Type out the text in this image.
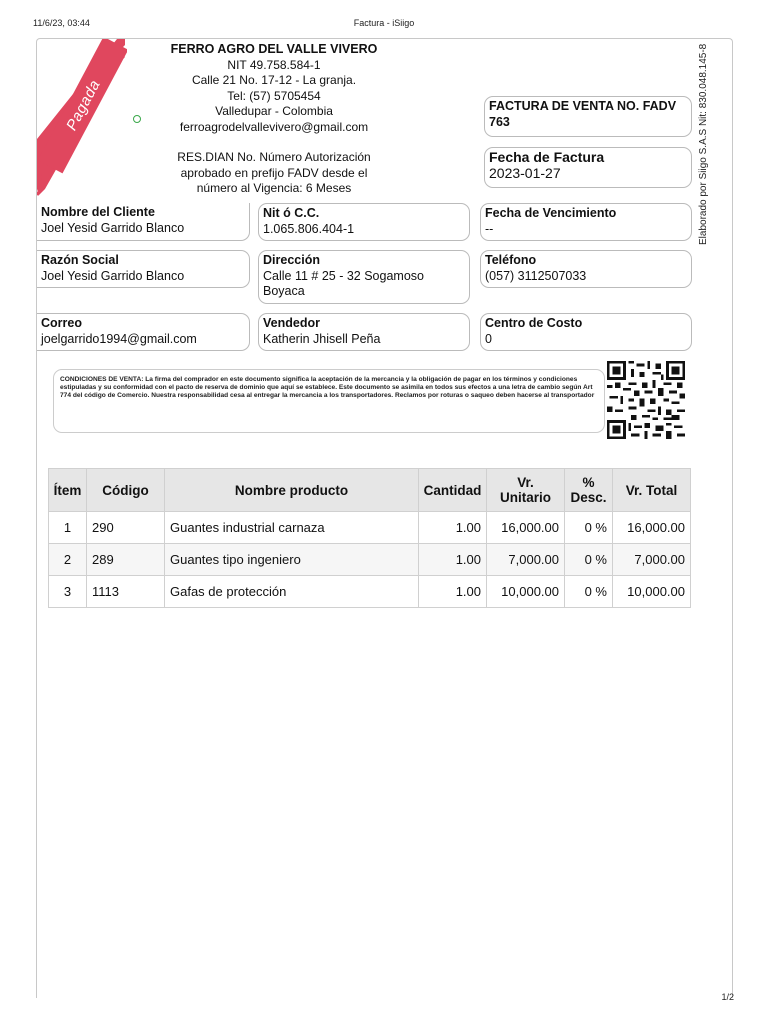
11/6/23, 03:44	Factura - iSiigo
Pagada
FERRO AGRO DEL VALLE VIVERO
NIT 49.758.584-1
Calle 21 No. 17-12 - La granja.
Tel: (57) 5705454
Valledupar - Colombia
ferroagrodelvallevivero@gmail.com
RES.DIAN No. Número Autorización
aprobado en prefijo FADV desde el
número al Vigencia: 6 Meses
FACTURA DE VENTA NO. FADV 763
Fecha de Factura
2023-01-27	Elaborado por Siigo S.A.S Nit: 830.048.145-8
Nombre del Cliente
Joel Yesid Garrido Blanco
Nit ó C.C.
1.065.806.404-1
Fecha de Vencimiento
--
Razón Social
Joel Yesid Garrido Blanco
Dirección
Calle 11 # 25 - 32 Sogamoso Boyaca
Teléfono
(057) 3112507033
Correo
joelgarrido1994@gmail.com
Vendedor
Katherin Jhisell Peña
Centro de Costo
0
CONDICIONES DE VENTA: La firma del comprador en este documento significa la aceptación de la mercancia y la obligación de pagar en los términos y condiciones estipuladas y su conformidad con el pacto de reserva de dominio que aquí se establece. Este documento se asimila en todos sus efectos a una letra de cambio según Art 774 del código de Comercio. Nuestra responsabilidad cesa al entregar la mercancia a los transportadores. Reclamos por roturas o saqueo deben hacerse al transportador
Ítem	Código	Nombre producto	Cantidad	Vr. Unitario	% Desc.	Vr. Total
1	290	Guantes industrial carnaza	1.00	16,000.00	0 %	16,000.00
2	289	Guantes tipo ingeniero	1.00	7,000.00	0 %	7,000.00
3	1113	Gafas de protección	1.00	10,000.00	0 %	10,000.00
1/2
